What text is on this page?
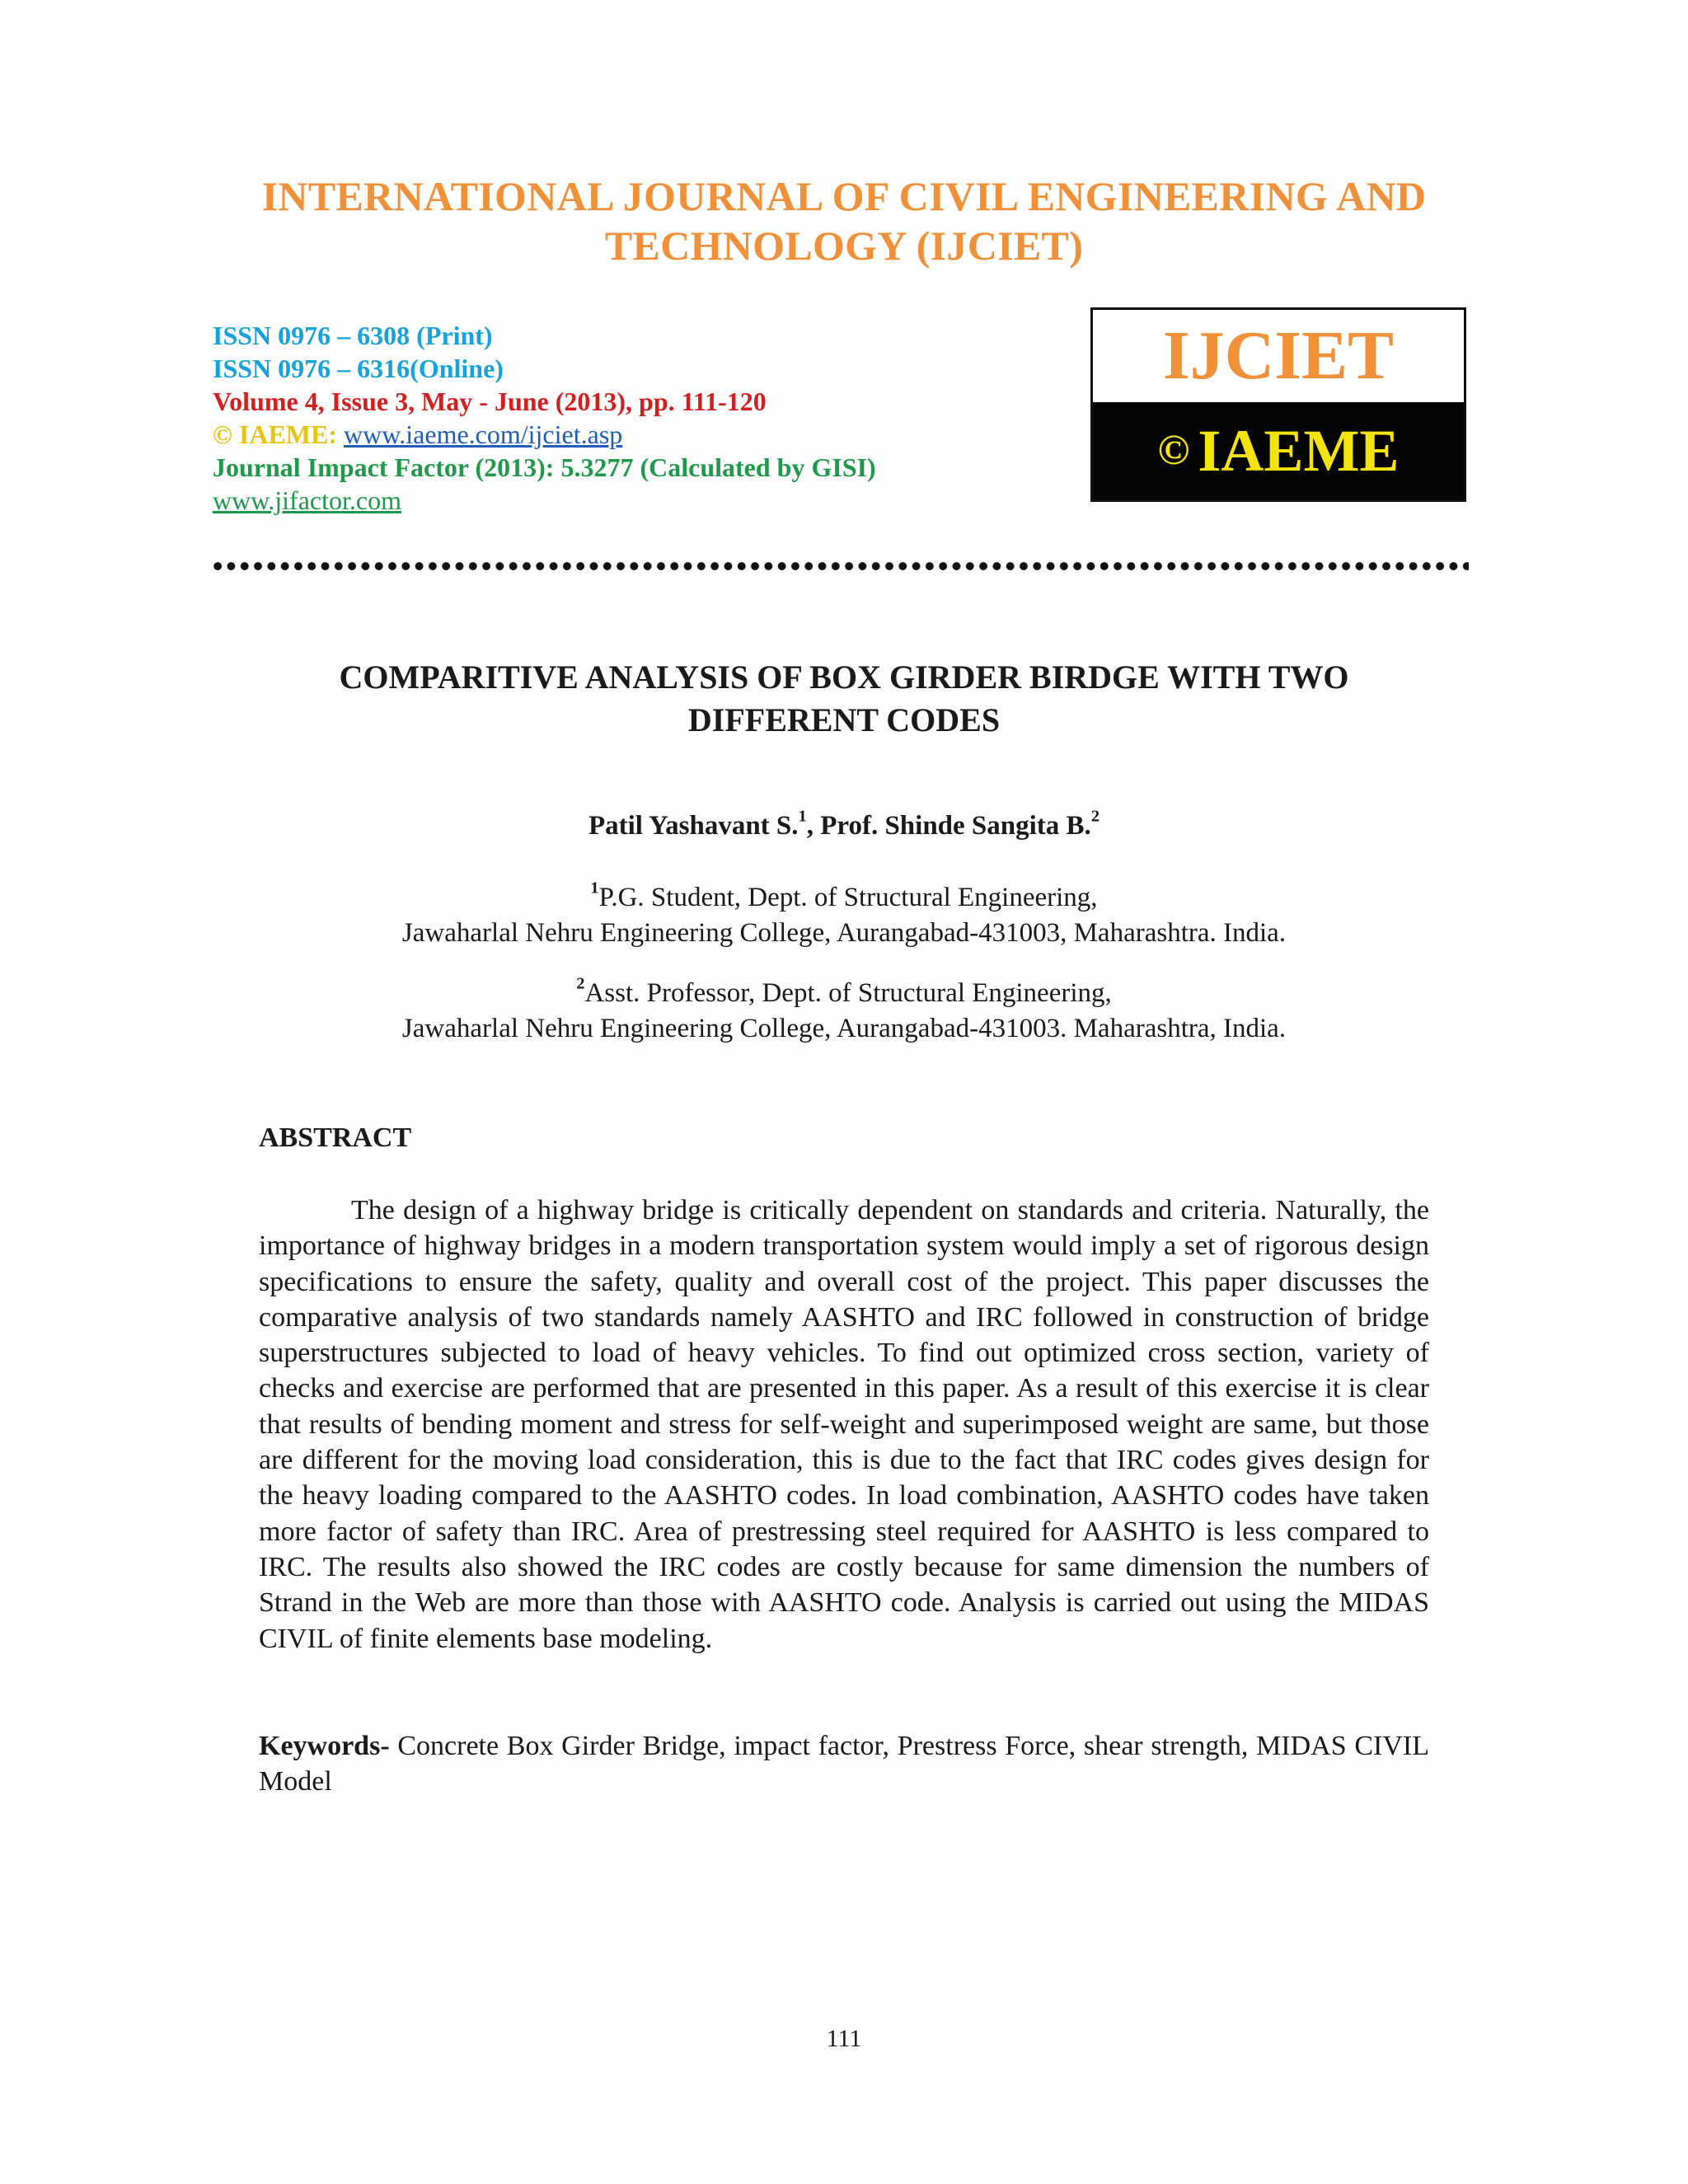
INTERNATIONAL JOURNAL OF CIVIL ENGINEERING AND
TECHNOLOGY (IJCIET)
ISSN 0976 – 6308 (Print)
ISSN 0976 – 6316(Online)
Volume 4, Issue 3, May - June (2013), pp. 111-120
© IAEME: www.iaeme.com/ijciet.asp
Journal Impact Factor (2013): 5.3277 (Calculated by GISI)
www.jifactor.com
IJCIET
© IAEME
COMPARITIVE ANALYSIS OF BOX GIRDER BIRDGE WITH TWO
DIFFERENT CODES
Patil Yashavant S.$^1$, Prof. Shinde Sangita B.$^2$
$^1$P.G. Student, Dept. of Structural Engineering,
Jawaharlal Nehru Engineering College, Aurangabad-431003, Maharashtra. India.
$^2$Asst. Professor, Dept. of Structural Engineering,
Jawaharlal Nehru Engineering College, Aurangabad-431003. Maharashtra, India.
ABSTRACT
The design of a highway bridge is critically dependent on standards and criteria. Naturally, the importance of highway bridges in a modern transportation system would imply a set of rigorous design specifications to ensure the safety, quality and overall cost of the project. This paper discusses the comparative analysis of two standards namely AASHTO and IRC followed in construction of bridge superstructures subjected to load of heavy vehicles. To find out optimized cross section, variety of checks and exercise are performed that are presented in this paper. As a result of this exercise it is clear that results of bending moment and stress for self-weight and superimposed weight are same, but those are different for the moving load consideration, this is due to the fact that IRC codes gives design for the heavy loading compared to the AASHTO codes. In load combination, AASHTO codes have taken more factor of safety than IRC. Area of prestressing steel required for AASHTO is less compared to IRC. The results also showed the IRC codes are costly because for same dimension the numbers of Strand in the Web are more than those with AASHTO code. Analysis is carried out using the MIDAS CIVIL of finite elements base modeling.
Keywords- Concrete Box Girder Bridge, impact factor, Prestress Force, shear strength, MIDAS CIVIL Model
111
